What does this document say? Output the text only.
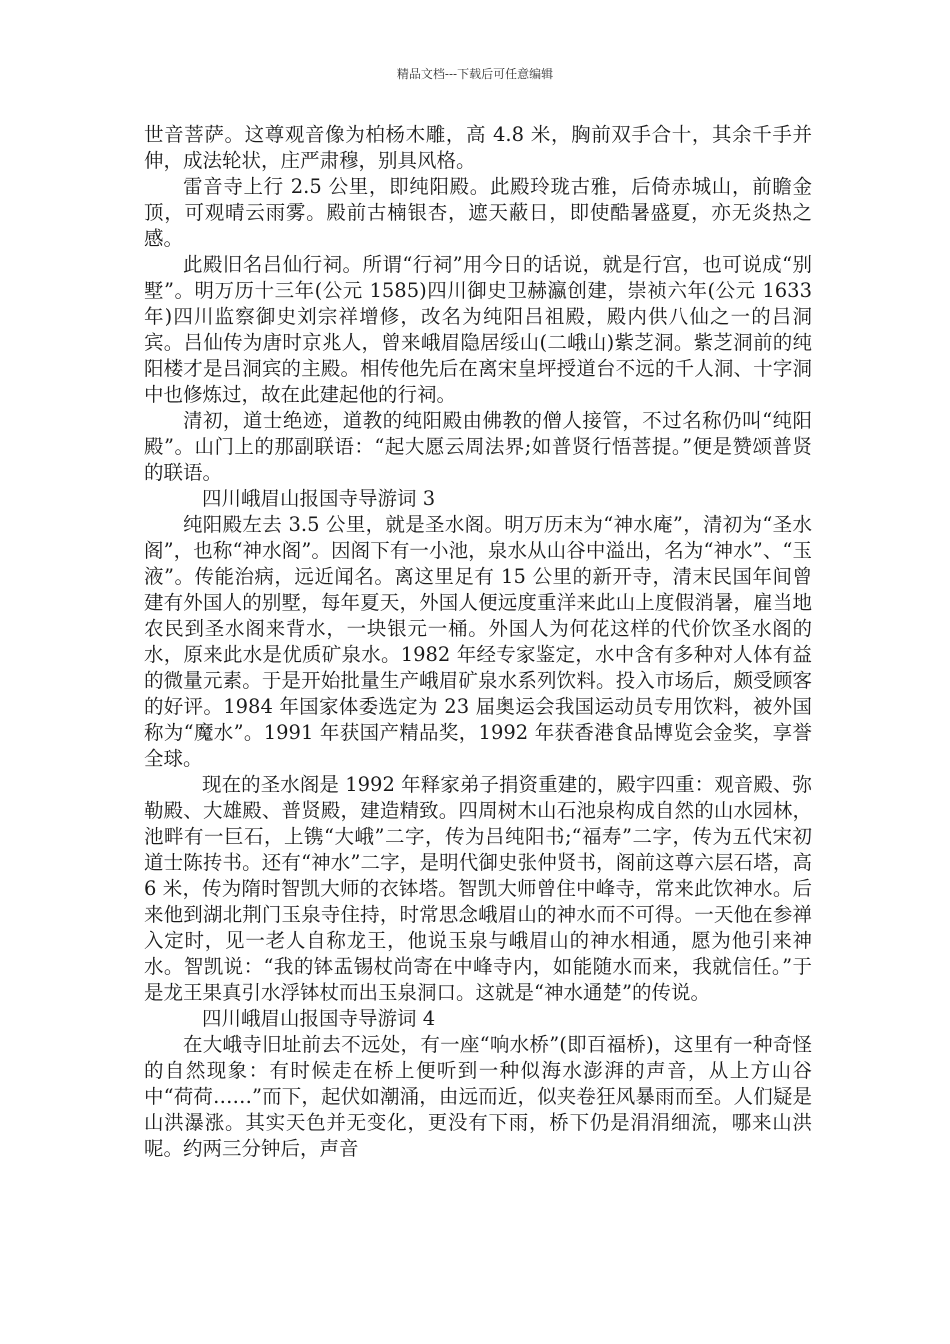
精品文档---下载后可任意编辑

世音菩萨。这尊观音像为柏杨木雕，高 4.8 米，胸前双手合十，其余千手并伸，成法轮状，庄严肃穆，别具风格。

雷音寺上行 2.5 公里，即纯阳殿。此殿玲珑古雅，后倚赤城山，前瞻金顶，可观晴云雨雾。殿前古楠银杏，遮天蔽日，即使酷暑盛夏，亦无炎热之感。

此殿旧名吕仙行祠。所谓“行祠”用今日的话说，就是行宫，也可说成“别墅”。明万历十三年(公元 1585)四川御史卫赫瀛创建，崇祯六年(公元 1633 年)四川监察御史刘宗祥增修，改名为纯阳吕祖殿，殿内供八仙之一的吕洞宾。吕仙传为唐时京兆人，曾来峨眉隐居绥山(二峨山)紫芝洞。紫芝洞前的纯阳楼才是吕洞宾的主殿。相传他先后在离宋皇坪授道台不远的千人洞、十字洞中也修炼过，故在此建起他的行祠。

清初，道士绝迹，道教的纯阳殿由佛教的僧人接管，不过名称仍叫“纯阳殿”。山门上的那副联语：“起大愿云周法界;如普贤行悟菩提。”便是赞颂普贤的联语。

四川峨眉山报国寺导游词 3

纯阳殿左去 3.5 公里，就是圣水阁。明万历末为“神水庵”，清初为“圣水阁”，也称“神水阁”。因阁下有一小池，泉水从山谷中溢出，名为“神水”、“玉液”。传能治病，远近闻名。离这里足有 15 公里的新开寺，清末民国年间曾建有外国人的别墅，每年夏天，外国人便远度重洋来此山上度假消暑，雇当地农民到圣水阁来背水，一块银元一桶。外国人为何花这样的代价饮圣水阁的水，原来此水是优质矿泉水。1982 年经专家鉴定，水中含有多种对人体有益的微量元素。于是开始批量生产峨眉矿泉水系列饮料。投入市场后，颇受顾客的好评。1984 年国家体委选定为 23 届奥运会我国运动员专用饮料，被外国称为“魔水”。1991 年获国产精品奖，1992 年获香港食品博览会金奖，享誉全球。

现在的圣水阁是 1992 年释家弟子捐资重建的，殿宇四重：观音殿、弥勒殿、大雄殿、普贤殿，建造精致。四周树木山石池泉构成自然的山水园林，池畔有一巨石，上镌“大峨”二字，传为吕纯阳书;“福寿”二字，传为五代宋初道士陈抟书。还有“神水”二字，是明代御史张仲贤书，阁前这尊六层石塔，高 6 米，传为隋时智凯大师的衣钵塔。智凯大师曾住中峰寺，常来此饮神水。后来他到湖北荆门玉泉寺住持，时常思念峨眉山的神水而不可得。一天他在参禅入定时，见一老人自称龙王，他说玉泉与峨眉山的神水相通，愿为他引来神水。智凯说：“我的钵盂锡杖尚寄在中峰寺内，如能随水而来，我就信任。”于是龙王果真引水浮钵杖而出玉泉洞口。这就是“神水通楚”的传说。

四川峨眉山报国寺导游词 4

在大峨寺旧址前去不远处，有一座“响水桥”(即百福桥)，这里有一种奇怪的自然现象：有时候走在桥上便听到一种似海水澎湃的声音，从上方山谷中“荷荷……”而下，起伏如潮涌，由远而近，似夹卷狂风暴雨而至。人们疑是山洪瀑涨。其实天色并无变化，更没有下雨，桥下仍是涓涓细流，哪来山洪呢。约两三分钟后，声音
